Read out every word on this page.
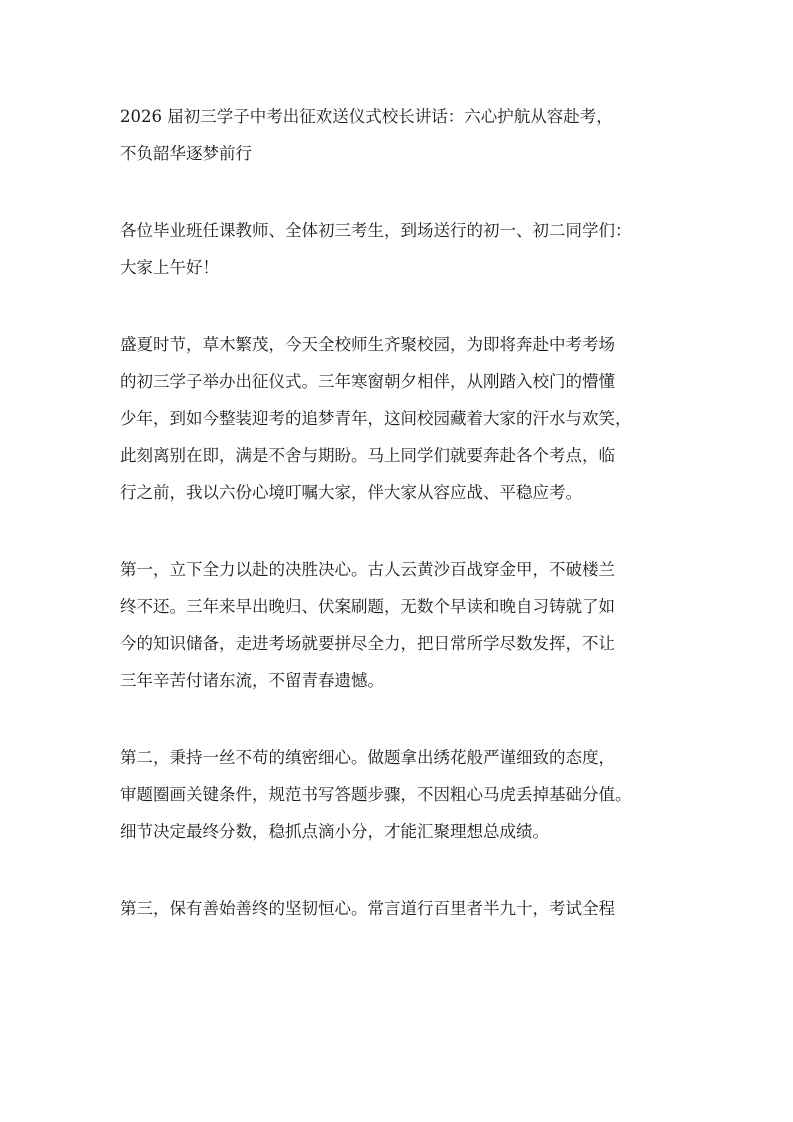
2026 届初三学子中考出征欢送仪式校长讲话：六心护航从容赴考，
不负韶华逐梦前行

各位毕业班任课教师、全体初三考生，到场送行的初一、初二同学们：
大家上午好！

盛夏时节，草木繁茂，今天全校师生齐聚校园，为即将奔赴中考考场
的初三学子举办出征仪式。三年寒窗朝夕相伴，从刚踏入校门的懵懂
少年，到如今整装迎考的追梦青年，这间校园藏着大家的汗水与欢笑，
此刻离别在即，满是不舍与期盼。马上同学们就要奔赴各个考点，临
行之前，我以六份心境叮嘱大家，伴大家从容应战、平稳应考。

第一，立下全力以赴的决胜决心。古人云黄沙百战穿金甲，不破楼兰
终不还。三年来早出晚归、伏案刷题，无数个早读和晚自习铸就了如
今的知识储备，走进考场就要拼尽全力，把日常所学尽数发挥，不让
三年辛苦付诸东流，不留青春遗憾。

第二，秉持一丝不苟的缜密细心。做题拿出绣花般严谨细致的态度，
审题圈画关键条件，规范书写答题步骤，不因粗心马虎丢掉基础分值。
细节决定最终分数，稳抓点滴小分，才能汇聚理想总成绩。

第三，保有善始善终的坚韧恒心。常言道行百里者半九十，考试全程
